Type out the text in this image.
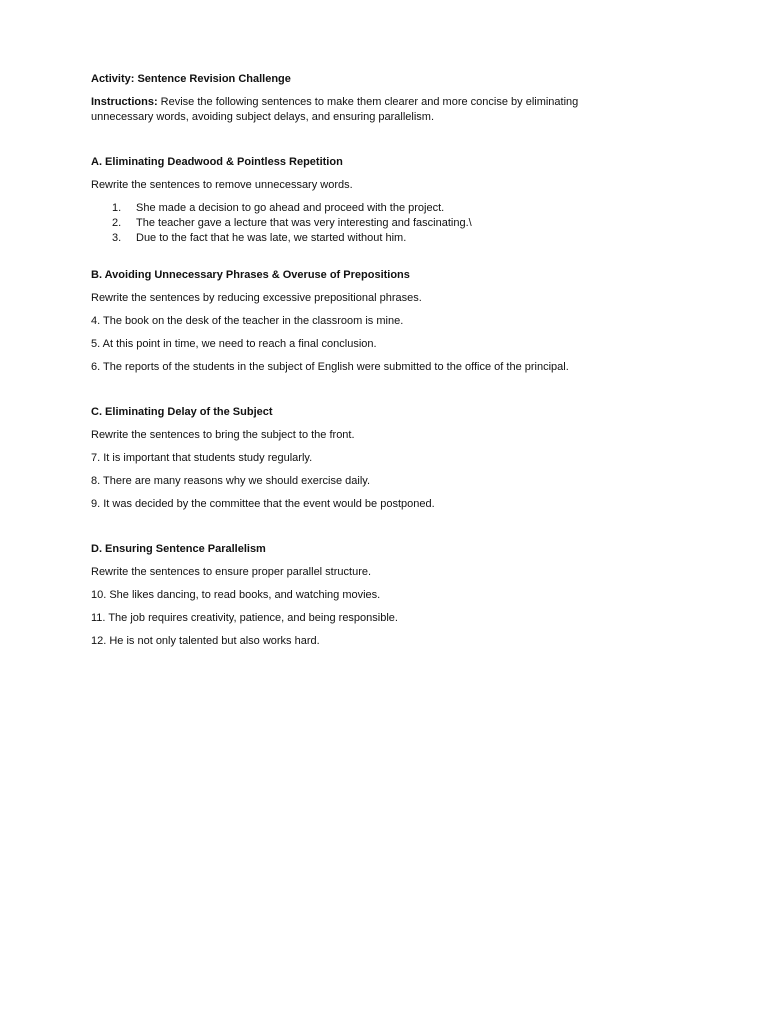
Activity: Sentence Revision Challenge
Instructions: Revise the following sentences to make them clearer and more concise by eliminating
unnecessary words, avoiding subject delays, and ensuring parallelism.
A. Eliminating Deadwood & Pointless Repetition
Rewrite the sentences to remove unnecessary words.
1. She made a decision to go ahead and proceed with the project.
2. The teacher gave a lecture that was very interesting and fascinating.\
3. Due to the fact that he was late, we started without him.
B. Avoiding Unnecessary Phrases & Overuse of Prepositions
Rewrite the sentences by reducing excessive prepositional phrases.
4. The book on the desk of the teacher in the classroom is mine.
5. At this point in time, we need to reach a final conclusion.
6. The reports of the students in the subject of English were submitted to the office of the principal.
C. Eliminating Delay of the Subject
Rewrite the sentences to bring the subject to the front.
7. It is important that students study regularly.
8. There are many reasons why we should exercise daily.
9. It was decided by the committee that the event would be postponed.
D. Ensuring Sentence Parallelism
Rewrite the sentences to ensure proper parallel structure.
10. She likes dancing, to read books, and watching movies.
11. The job requires creativity, patience, and being responsible.
12. He is not only talented but also works hard.
